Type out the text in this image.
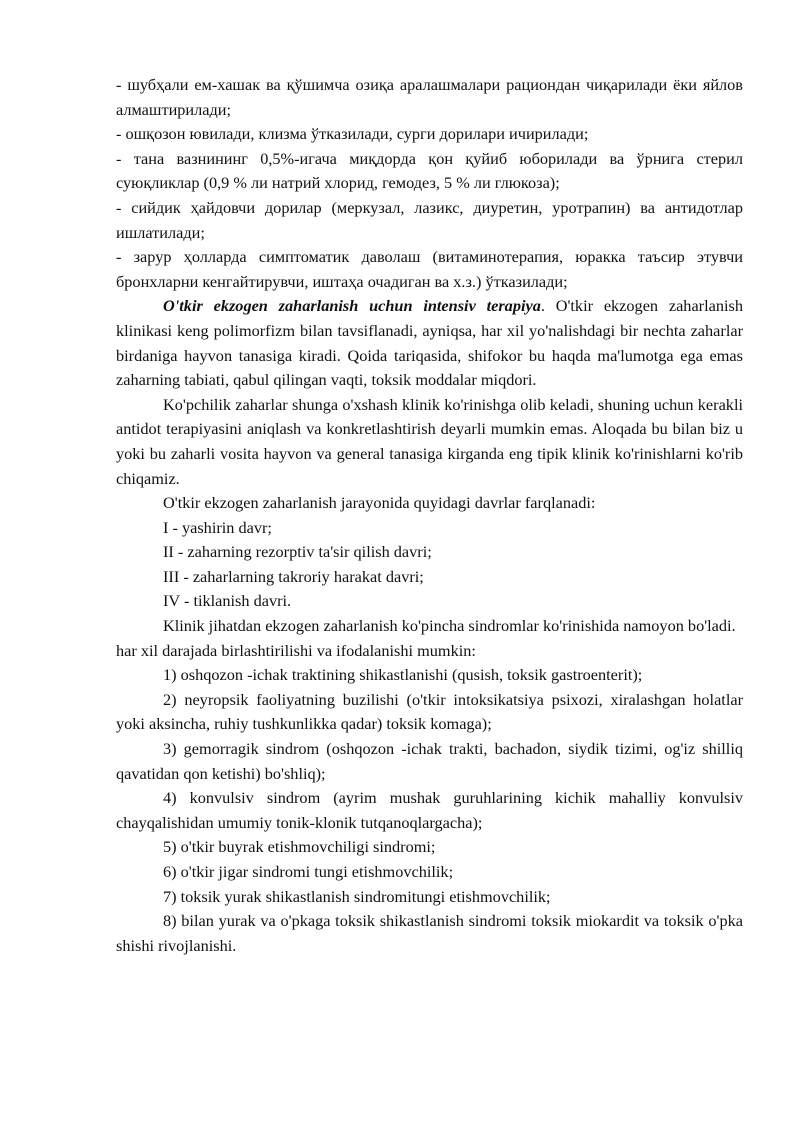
- шубҳали ем-хашак ва қўшимча озиқа аралашмалари рациондан чиқарилади ёки яйлов алмаштирилади;

- ошқозон ювилади, клизма ўтказилади, сурги дорилари ичирилади;

- тана вазнининг 0,5%-игача миқдорда қон қуйиб юборилади ва ўрнига стерил суюқликлар (0,9 % ли натрий хлорид, гемодез, 5 % ли глюкоза);

- сийдик ҳайдовчи дорилар (меркузал, лазикс, диуретин, уротрапин) ва антидотлар ишлатилади;

- зарур ҳолларда симптоматик даволаш (витаминотерапия, юракка таъсир этувчи бронхларни кенгайтирувчи, иштаҳа очадиган ва х.з.) ўтказилади;

O'tkir ekzogen zaharlanish uchun intensiv terapiya. O'tkir ekzogen zaharlanish klinikasi keng polimorfizm bilan tavsiflanadi, ayniqsa, har xil yo'nalishdagi bir nechta zaharlar birdaniga hayvon tanasiga kiradi. Qoida tariqasida, shifokor bu haqda ma'lumotga ega emas zaharning tabiati, qabul qilingan vaqti, toksik moddalar miqdori.

Ko'pchilik zaharlar shunga o'xshash klinik ko'rinishga olib keladi, shuning uchun kerakli antidot terapiyasini aniqlash va konkretlashtirish deyarli mumkin emas. Aloqada bu bilan biz u yoki bu zaharli vosita hayvon va general tanasiga kirganda eng tipik klinik ko'rinishlarni ko'rib chiqamiz.

O'tkir ekzogen zaharlanish jarayonida quyidagi davrlar farqlanadi:

I - yashirin davr;

II - zaharning rezorptiv ta'sir qilish davri;

III - zaharlarning takroriy harakat davri;

IV - tiklanish davri.

Klinik jihatdan ekzogen zaharlanish ko'pincha sindromlar ko'rinishida namoyon bo'ladi.

har xil darajada birlashtirilishi va ifodalanishi mumkin:

1) oshqozon -ichak traktining shikastlanishi (qusish, toksik gastroenterit);

2) neyropsik faoliyatning buzilishi (o'tkir intoksikatsiya psixozi, xiralashgan holatlar yoki aksincha, ruhiy tushkunlikka qadar) toksik komaga);

3) gemorragik sindrom (oshqozon -ichak trakti, bachadon, siydik tizimi, og'iz shilliq qavatidan qon ketishi) bo'shliq);

4) konvulsiv sindrom (ayrim mushak guruhlarining kichik mahalliy konvulsiv chayqalishidan umumiy tonik-klonik tutqanoqlargacha);

5) o'tkir buyrak etishmovchiligi sindromi;

6) o'tkir jigar sindromi tungi etishmovchilik;

7) toksik yurak shikastlanish sindromitungi etishmovchilik;

8) bilan yurak va o'pkaga toksik shikastlanish sindromi toksik miokardit va toksik o'pka shishi rivojlanishi.
